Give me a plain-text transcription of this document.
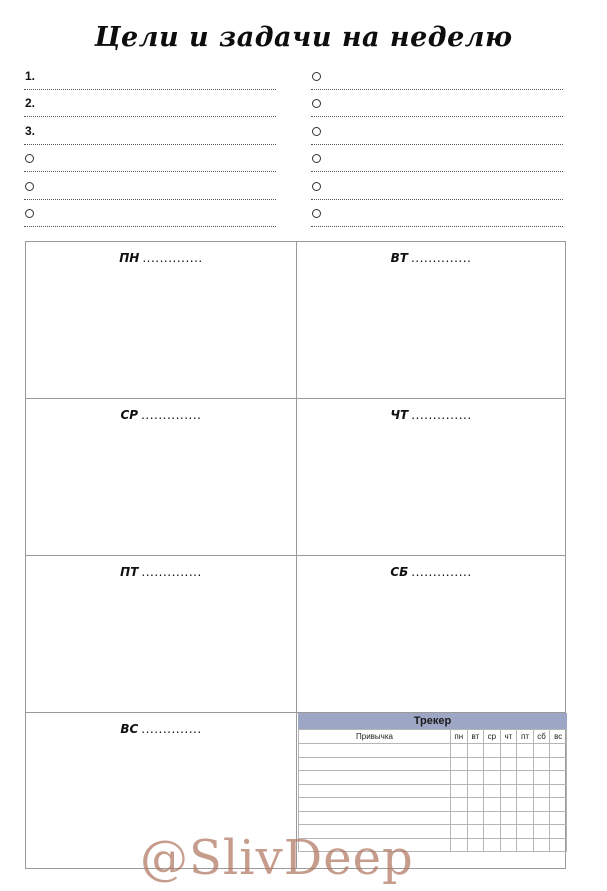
Цели и задачи на неделю
1.
2.
3.
ПН ..............	ВТ ..............
СР ..............	ЧТ ..............
ПТ ..............	СБ ..............
ВС ..............
Трекер
Привычка	пн	вт	ср	чт	пт	сб	вс

@SlivDeep
